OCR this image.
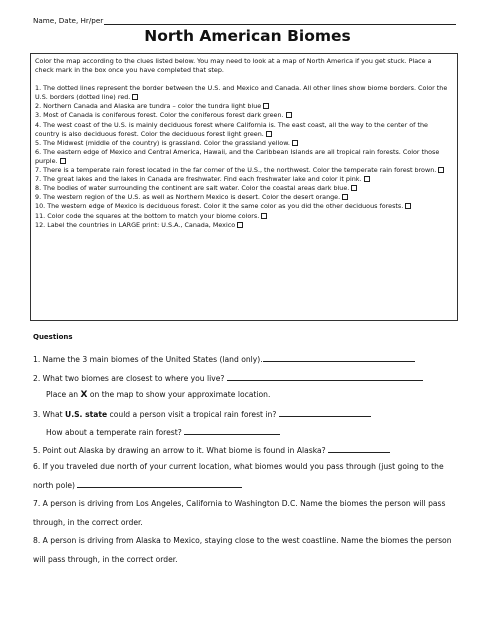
Name, Date, Hr/per
North American Biomes

Color the map according to the clues listed below. You may need to look at a map of North America if you get stuck. Place a check mark in the box once you have completed that step.

1. The dotted lines represent the border between the U.S. and Mexico and Canada. All other lines show biome borders. Color the U.S. borders (dotted line) red.

2. Northern Canada and Alaska are tundra – color the tundra light blue

3. Most of Canada is coniferous forest. Color the coniferous forest dark green.

4. The west coast of the U.S. is mainly deciduous forest where California is. The east coast, all the way to the center of the country is also deciduous forest. Color the deciduous forest light green.

5. The Midwest (middle of the country) is grassland. Color the grassland yellow.

6. The eastern edge of Mexico and Central America, Hawaii, and the Caribbean Islands are all tropical rain forests. Color those purple.

7. There is a temperate rain forest located in the far corner of the U.S., the northwest. Color the temperate rain forest brown.

7. The great lakes and the lakes in Canada are freshwater. Find each freshwater lake and color it pink.

8. The bodies of water surrounding the continent are salt water. Color the coastal areas dark blue.

9. The western region of the U.S. as well as Northern Mexico is desert. Color the desert orange.

10. The western edge of Mexico is deciduous forest. Color it the same color as you did the other deciduous forests.

11. Color code the squares at the bottom to match your biome colors.

12. Label the countries in LARGE print: U.S.A., Canada, Mexico

Questions
1. Name the 3 main biomes of the United States (land only).
2. What two biomes are closest to where you live?
Place an X on the map to show your approximate location.
3. What U.S. state could a person visit a tropical rain forest in?
How about a temperate rain forest?
5. Point out Alaska by drawing an arrow to it. What biome is found in Alaska?
6. If you traveled due north of your current location, what biomes would you pass through (just going to the north pole)
7. A person is driving from Los Angeles, California to Washington D.C. Name the biomes the person will pass through, in the correct order.
8. A person is driving from Alaska to Mexico, staying close to the west coastline. Name the biomes the person will pass through, in the correct order.
